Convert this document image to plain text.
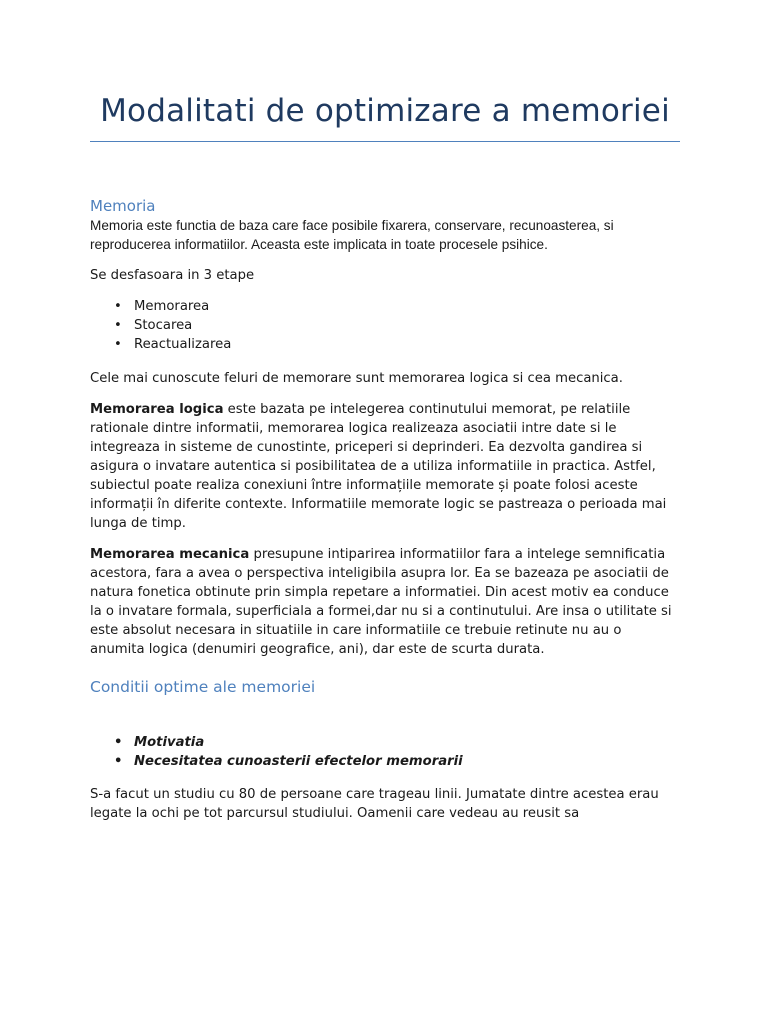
Modalitati de optimizare a memoriei
Memoria

Memoria este functia de baza care face posibile fixarera, conservare, recunoasterea, si reproducerea informatiilor. Aceasta este implicata in toate procesele psihice.

Se desfasoara in 3 etape

• Memorarea
• Stocarea
• Reactualizarea

Cele mai cunoscute feluri de memorare sunt memorarea logica si cea mecanica.

Memorarea logica este bazata pe intelegerea continutului memorat, pe relatiile rationale dintre informatii, memorarea logica realizeaza asociatii intre date si le integreaza in sisteme de cunostinte, priceperi si deprinderi. Ea dezvolta gandirea si asigura o invatare autentica si posibilitatea de a utiliza informatiile in practica. Astfel, subiectul poate realiza conexiuni între informațiile memorate și poate folosi aceste informații în diferite contexte. Informatiile memorate logic se pastreaza o perioada mai lunga de timp.

Memorarea mecanica presupune intiparirea informatiilor fara a intelege semnificatia acestora, fara a avea o perspectiva inteligibila asupra lor. Ea se bazeaza pe asociatii de natura fonetica obtinute prin simpla repetare a informatiei. Din acest motiv ea conduce la o invatare formala, superficiala a formei,dar nu si a continutului. Are insa o utilitate si este absolut necesara in situatiile in care informatiile ce trebuie retinute nu au o anumita logica (denumiri geografice, ani), dar este de scurta durata.

Conditii optime ale memoriei
• Motivatia
• Necesitatea cunoasterii efectelor memorarii

S-a facut un studiu cu 80 de persoane care trageau linii. Jumatate dintre acestea erau legate la ochi pe tot parcursul studiului. Oamenii care vedeau au reusit sa
